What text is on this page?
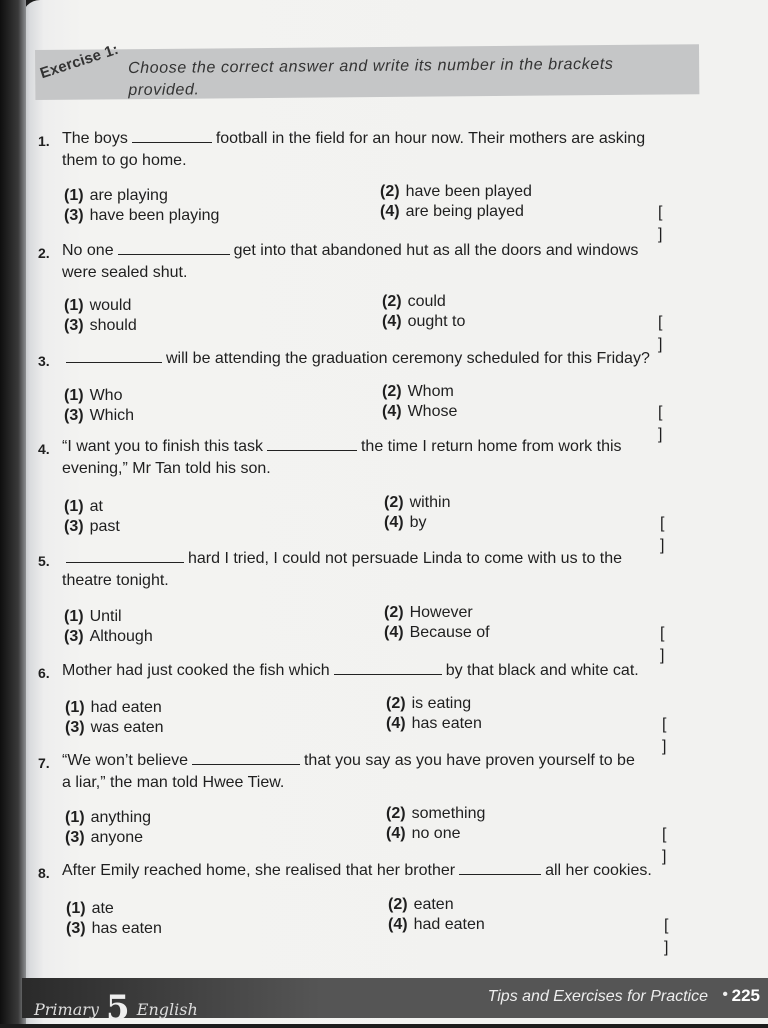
Exercise 1: Choose the correct answer and write its number in the brackets
provided.
1. The boys	football in the field for an hour now. Their mothers are asking
them to go home.
(1) are playing	(2) have been played
(3) have been playing	(4) are being played	[ ]
2. No one	get into that abandoned hut as all the doors and windows
were sealed shut.
(1) would	(2) could
(3) should	(4) ought to	[ ]
3.	will be attending the graduation ceremony scheduled for this Friday?

(1) Who	(2) Whom
(3) Which	(4) Whose	[ ]
4. “I want you to finish this task	the time I return home from work this
evening,” Mr Tan told his son.
(1) at	(2) within
(3) past	(4) by	[ ]
5.	hard I tried, I could not persuade Linda to come with us to the
theatre tonight.
(1) Until	(2) However
(3) Although	(4) Because of	[ ]
6. Mother had just cooked the fish which	by that black and white cat.

(1) had eaten	(2) is eating
(3) was eaten	(4) has eaten	[ ]
7. “We won’t believe	that you say as you have proven yourself to be
a liar,” the man told Hwee Tiew.
(1) anything	(2) something
(3) anyone	(4) no one	[ ]
8. After Emily reached home, she realised that her brother	all her cookies.

(1) ate	(2) eaten
(3) has eaten	(4) had eaten	[ ]
Primary 5 English
Tips and Exercises for Practice • 225
